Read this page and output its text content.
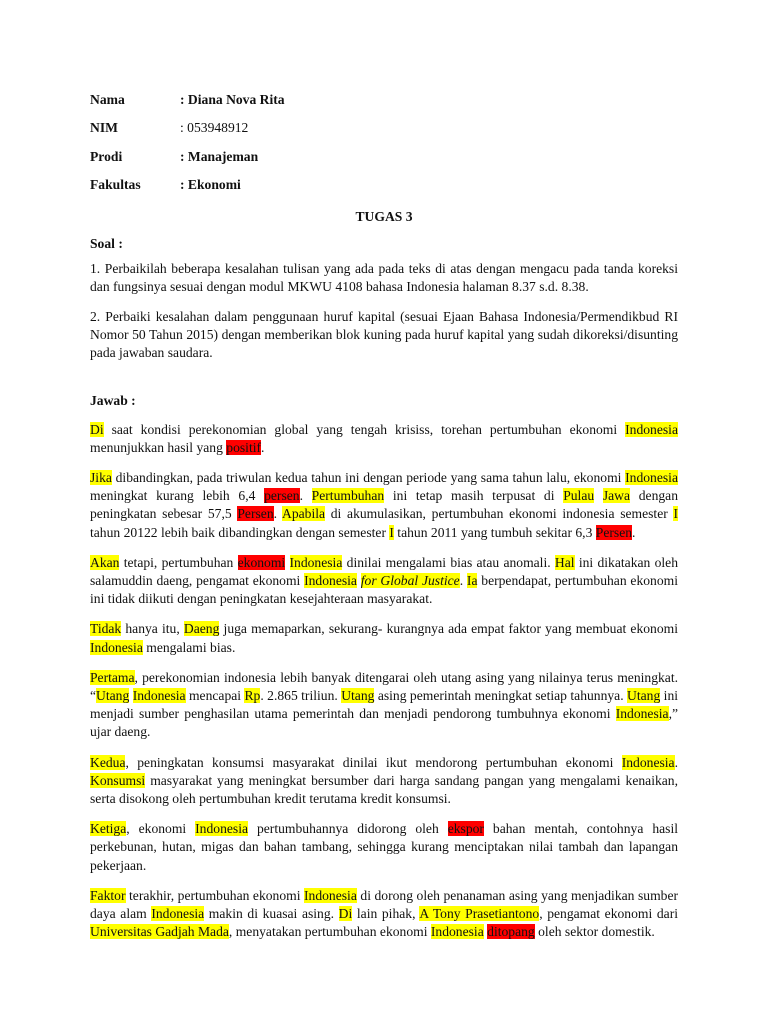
Nama	: Diana Nova Rita
NIM	: 053948912
Prodi	: Manajeman
Fakultas	: Ekonomi
TUGAS 3
Soal :

1. Perbaikilah beberapa kesalahan tulisan yang ada pada teks di atas dengan mengacu pada tanda koreksi dan fungsinya sesuai dengan modul MKWU 4108 bahasa Indonesia halaman 8.37 s.d. 8.38.

2. Perbaiki kesalahan dalam penggunaan huruf kapital (sesuai Ejaan Bahasa Indonesia/Permendikbud RI Nomor 50 Tahun 2015) dengan memberikan blok kuning pada huruf kapital yang sudah dikoreksi/disunting pada jawaban saudara.

Jawab :

Di saat kondisi perekonomian global yang tengah krisiss, torehan pertumbuhan ekonomi Indonesia menunjukkan hasil yang positif.

Jika dibandingkan, pada triwulan kedua tahun ini dengan periode yang sama tahun lalu, ekonomi Indonesia meningkat kurang lebih 6,4 persen. Pertumbuhan ini tetap masih terpusat di Pulau Jawa dengan peningkatan sebesar 57,5 Persen. Apabila di akumulasikan, pertumbuhan ekonomi indonesia semester I tahun 20122 lebih baik dibandingkan dengan semester I tahun 2011 yang tumbuh sekitar 6,3 Persen.

Akan tetapi, pertumbuhan ekonomi Indonesia dinilai mengalami bias atau anomali. Hal ini dikatakan oleh salamuddin daeng, pengamat ekonomi Indonesia for Global Justice. Ia berpendapat, pertumbuhan ekonomi ini tidak diikuti dengan peningkatan kesejahteraan masyarakat.

Tidak hanya itu, Daeng juga memaparkan, sekurang- kurangnya ada empat faktor yang membuat ekonomi Indonesia mengalami bias.

Pertama, perekonomian indonesia lebih banyak ditengarai oleh utang asing yang nilainya terus meningkat. “Utang Indonesia mencapai Rp. 2.865 triliun. Utang asing pemerintah meningkat setiap tahunnya. Utang ini menjadi sumber penghasilan utama pemerintah dan menjadi pendorong tumbuhnya ekonomi Indonesia,” ujar daeng.

Kedua, peningkatan konsumsi masyarakat dinilai ikut mendorong pertumbuhan ekonomi Indonesia. Konsumsi masyarakat yang meningkat bersumber dari harga sandang pangan yang mengalami kenaikan, serta disokong oleh pertumbuhan kredit terutama kredit konsumsi.

Ketiga, ekonomi Indonesia pertumbuhannya didorong oleh ekspor bahan mentah, contohnya hasil perkebunan, hutan, migas dan bahan tambang, sehingga kurang menciptakan nilai tambah dan lapangan pekerjaan.

Faktor terakhir, pertumbuhan ekonomi Indonesia di dorong oleh penanaman asing yang menjadikan sumber daya alam Indonesia makin di kuasai asing. Di lain pihak, A Tony Prasetiantono, pengamat ekonomi dari Universitas Gadjah Mada, menyatakan pertumbuhan ekonomi Indonesia ditopang oleh sektor domestik.
